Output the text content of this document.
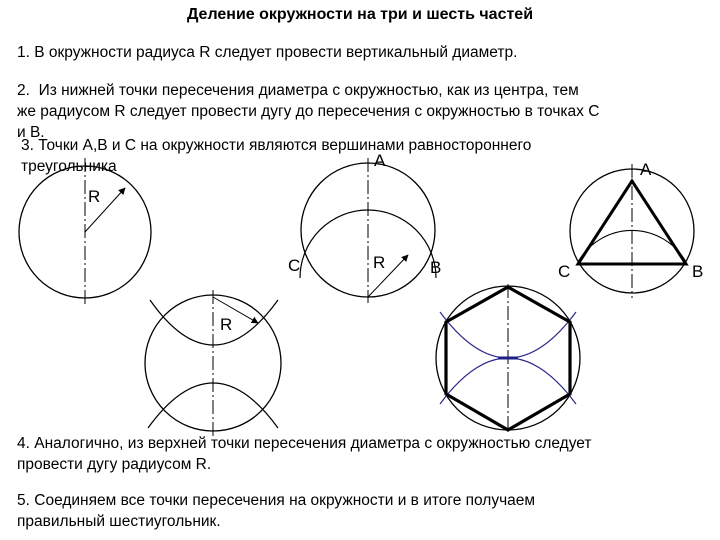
Деление окружности на три и шесть частей
1. В окружности радиуса R следует провести вертикальный диаметр.
2. Из нижней точки пересечения диаметра с окружностью, как из центра, тем
же радиусом R следует провести дугу до пересечения с окружностью в точках C
и B.
3. Точки A,B и C на окружности являются вершинами равностороннего
треугольника
4. Аналогично, из верхней точки пересечения диаметра с окружностью следует
провести дугу радиусом R.
5. Соединяем все точки пересечения на окружности и в итоге получаем
правильный шестиугольник.
R
A
C	R	B
A
C	B
R
